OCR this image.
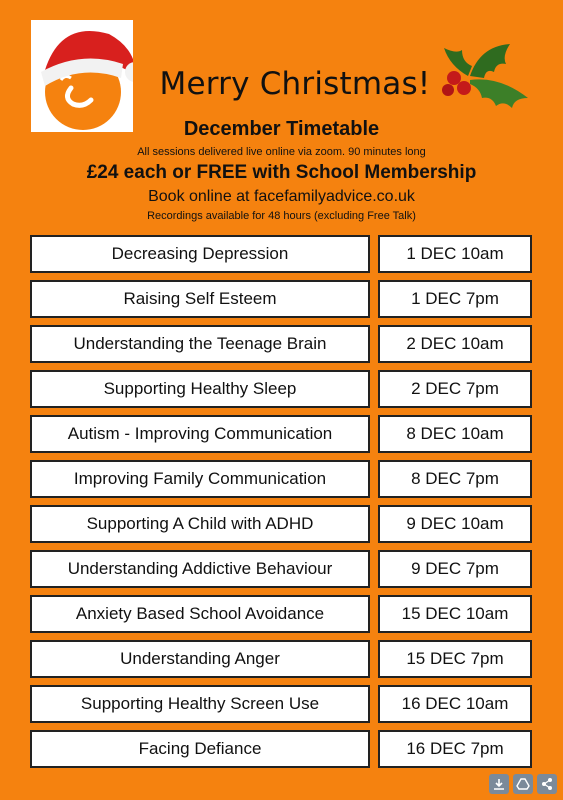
Merry Christmas!
December Timetable
All sessions delivered live online via zoom. 90 minutes long
£24 each or FREE with School Membership
Book online at facefamilyadvice.co.uk
Recordings available for 48 hours (excluding Free Talk)
Decreasing Depression	1 DEC 10am
Raising Self Esteem	1 DEC 7pm
Understanding the Teenage Brain	2 DEC 10am
Supporting Healthy Sleep	2 DEC 7pm
Autism - Improving Communication	8 DEC 10am
Improving Family Communication	8 DEC 7pm
Supporting A Child with ADHD	9 DEC 10am
Understanding Addictive Behaviour	9 DEC 7pm
Anxiety Based School Avoidance	15 DEC 10am
Understanding Anger	15 DEC 7pm
Supporting Healthy Screen Use	16 DEC 10am
Facing Defiance	16 DEC 7pm
